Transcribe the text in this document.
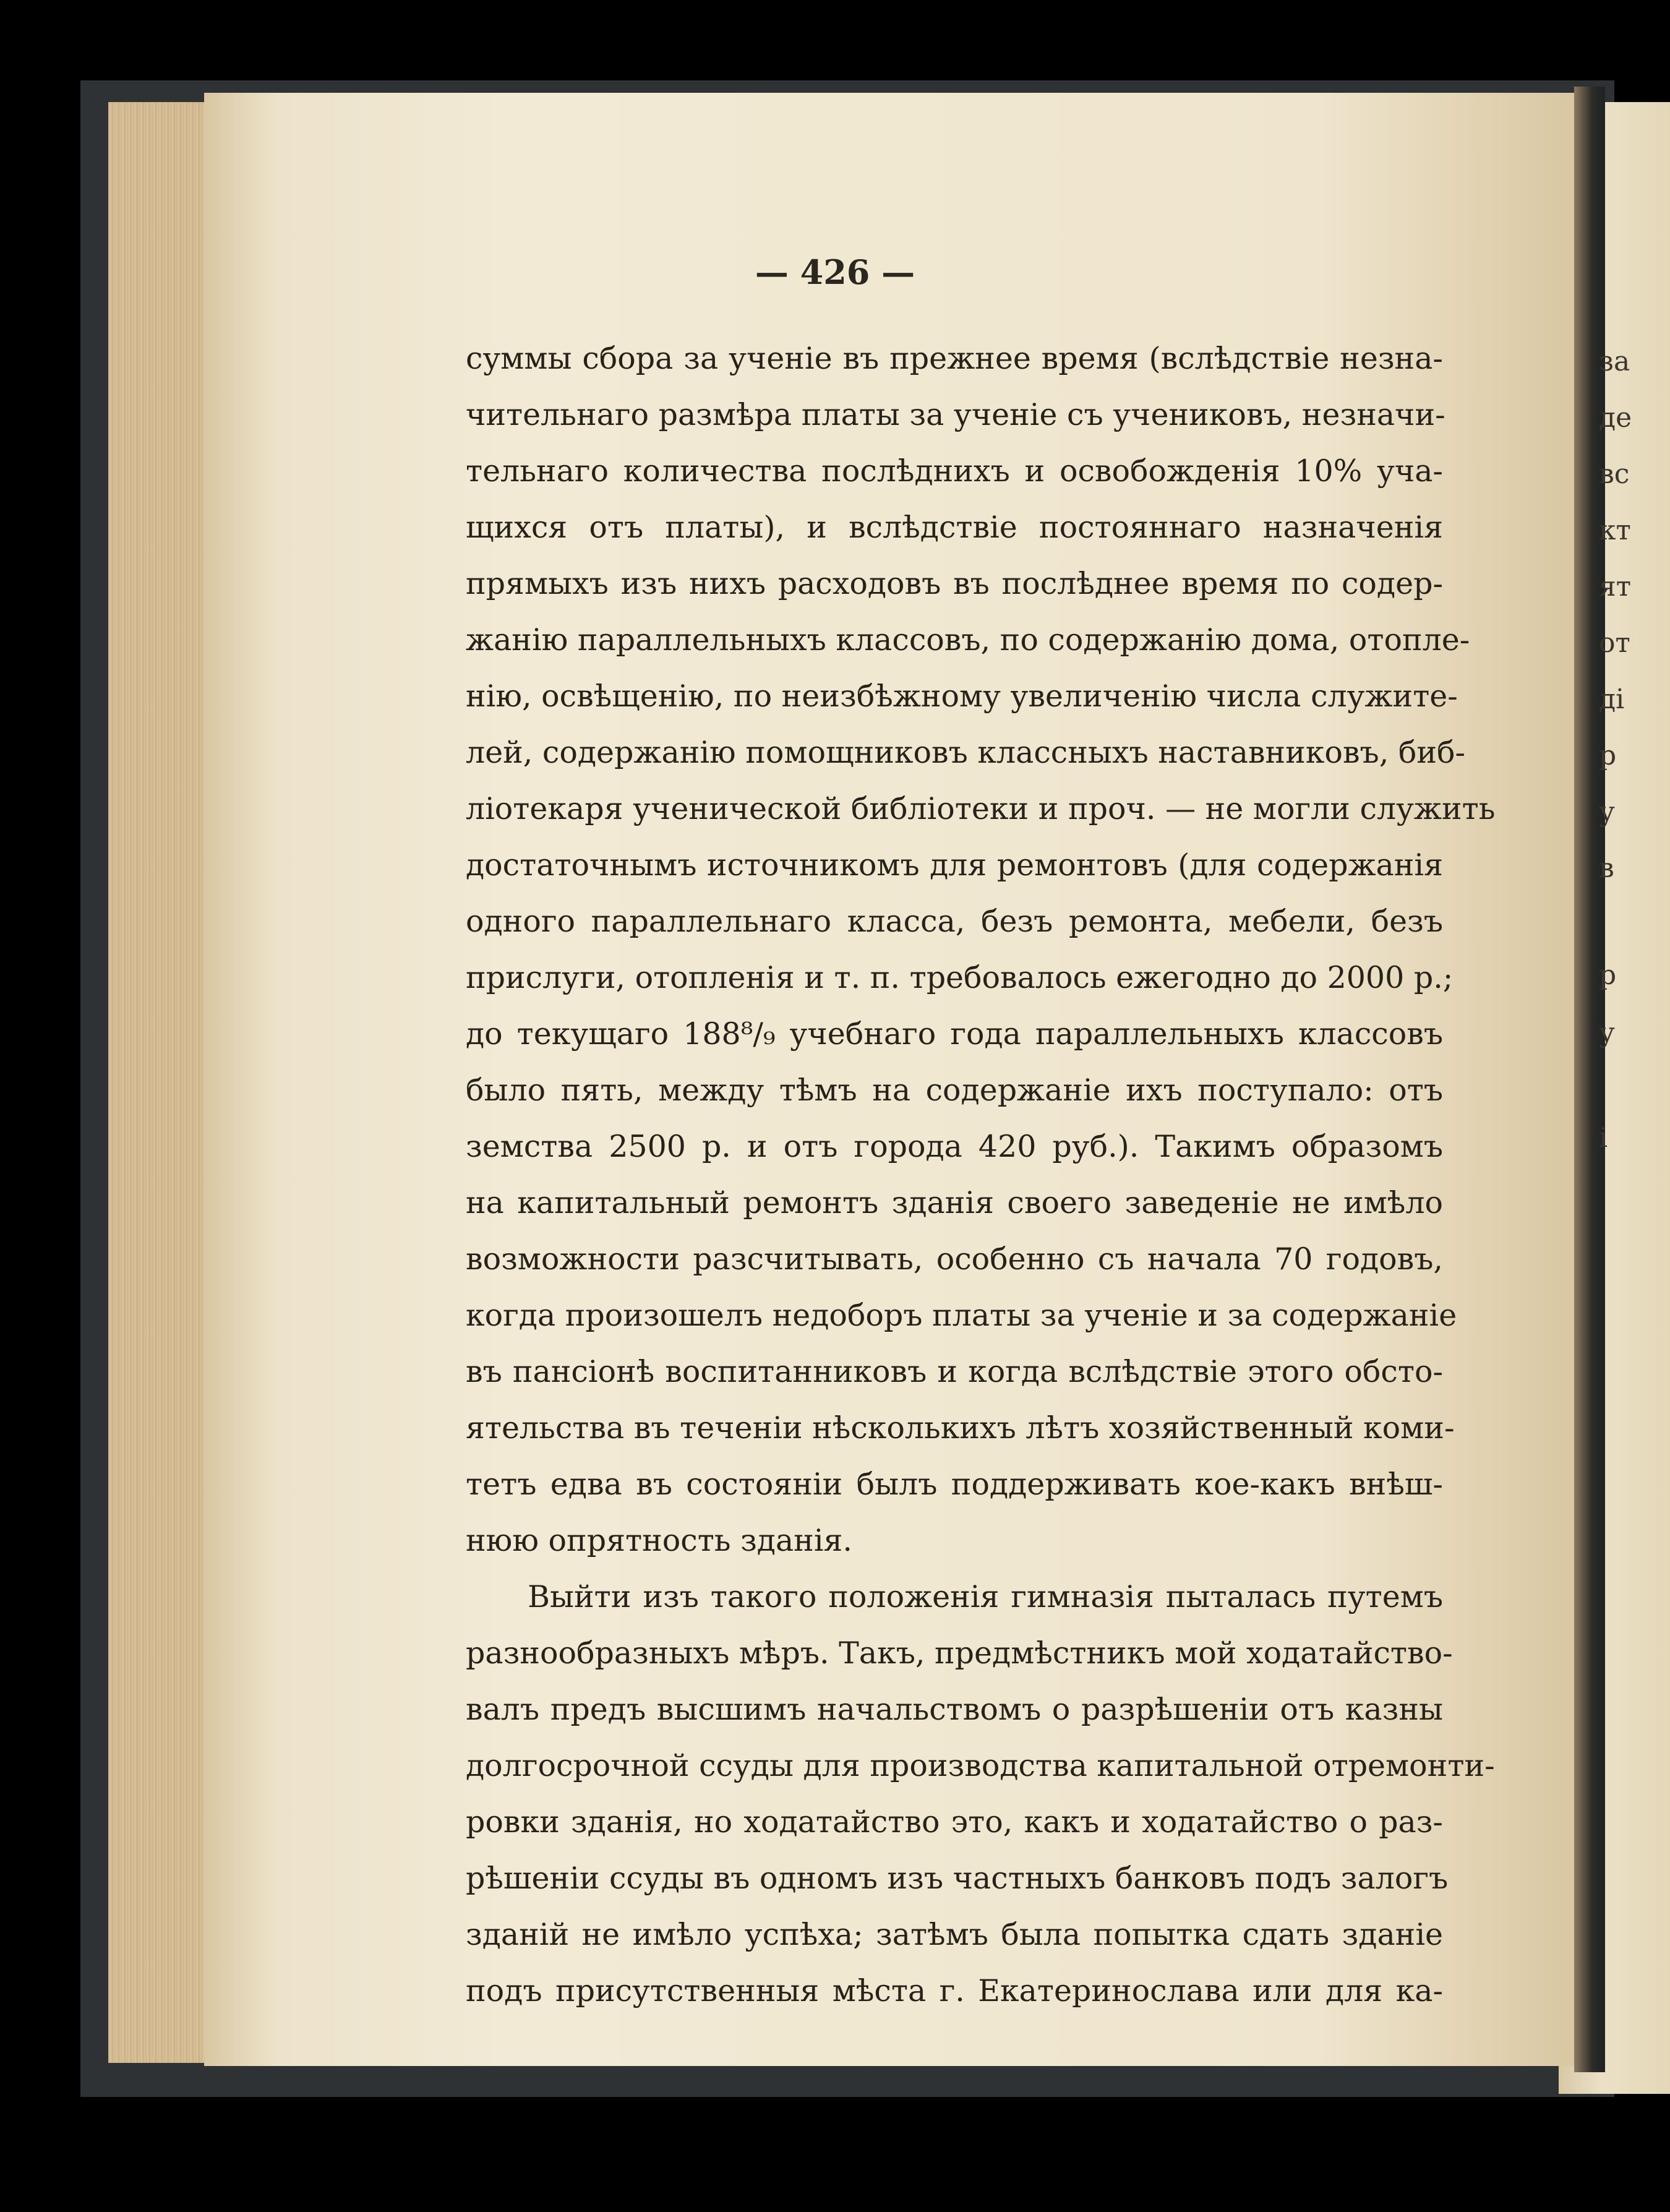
за
де
вс
кт
ят
от
ді
р
у
в
р
у
і
— 426 —
суммы сбора за ученіе въ прежнее время (вслѣдствіе незна-
чительнаго размѣра платы за ученіе съ учениковъ, незначи-
тельнаго количества послѣднихъ и освобожденія 10% уча-
щихся отъ платы), и вслѣдствіе постояннаго назначенія
прямыхъ изъ нихъ расходовъ въ послѣднее время по содер-
жанію параллельныхъ классовъ, по содержанію дома, отопле-
нію, освѣщенію, по неизбѣжному увеличенію числа служите-
лей, содержанію помощниковъ классныхъ наставниковъ, биб-
ліотекаря ученической библіотеки и проч. — не могли служить
достаточнымъ источникомъ для ремонтовъ (для содержанія
одного параллельнаго класса, безъ ремонта, мебели, безъ
прислуги, отопленія и т. п. требовалось ежегодно до 2000 р.;
до текущаго 188⁸/₉ учебнаго года параллельныхъ классовъ
было пять, между тѣмъ на содержаніе ихъ поступало: отъ
земства 2500 р. и отъ города 420 руб.). Такимъ образомъ
на капитальный ремонтъ зданія своего заведеніе не имѣло
возможности разсчитывать, особенно съ начала 70 годовъ,
когда произошелъ недоборъ платы за ученіе и за содержаніе
въ пансіонѣ воспитанниковъ и когда вслѣдствіе этого обсто-
ятельства въ теченіи нѣсколькихъ лѣтъ хозяйственный коми-
тетъ едва въ состояніи былъ поддерживать кое-какъ внѣш-
нюю опрятность зданія.
Выйти изъ такого положенія гимназія пыталась путемъ
разнообразныхъ мѣръ. Такъ, предмѣстникъ мой ходатайство-
валъ предъ высшимъ начальствомъ о разрѣшеніи отъ казны
долгосрочной ссуды для производства капитальной отремонти-
ровки зданія, но ходатайство это, какъ и ходатайство о раз-
рѣшеніи ссуды въ одномъ изъ частныхъ банковъ подъ залогъ
зданій не имѣло успѣха; затѣмъ была попытка сдать зданіе
подъ присутственныя мѣста г. Екатеринослава или для ка-
